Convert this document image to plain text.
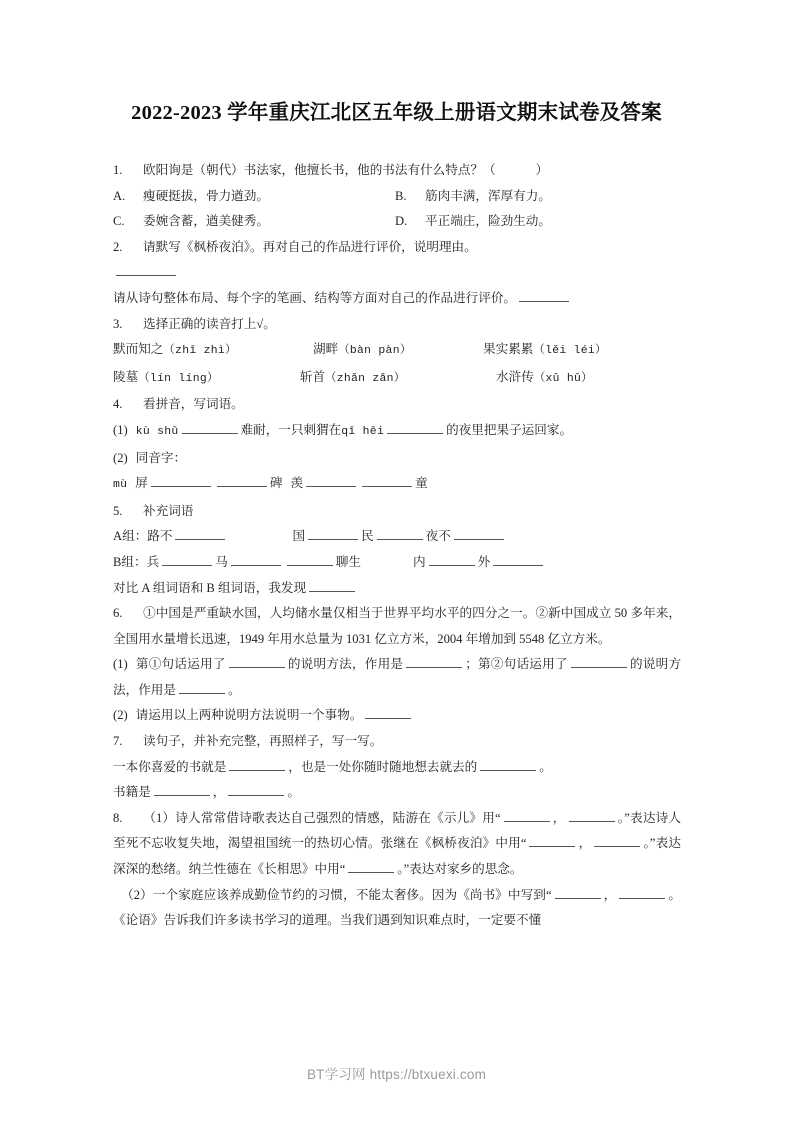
2022-2023 学年重庆江北区五年级上册语文期末试卷及答案
1. 欧阳询是（朝代）书法家，他擅长书，他的书法有什么特点？（	）
A. 瘦硬挺拔，骨力遒劲。	B. 筋肉丰满，浑厚有力。
C. 委婉含蓄，遒美健秀。	D. 平正端庄，险劲生动。
2. 请默写《枫桥夜泊》。再对自己的作品进行评价，说明理由。
请从诗句整体布局、每个字的笔画、结构等方面对自己的作品进行评价。
3. 选择正确的读音打上√。
默而知之（zhī zhì）	湖畔（bàn pàn）	果实累累（lěi léi）
陵墓（lín líng）	斩首（zhǎn zǎn）	水浒传（xǔ hǔ）
4. 看拼音，写词语。
(1) kù shǔ	难耐，一只刺猬在qī hēi	的夜里把果子运回家。
(2) 同音字：
mù 屏	碑 羡	童
5. 补充词语
A组：路不	国	民	夜不
B组：兵	马	聊生	内	外
对比 A 组词语和 B 组词语，我发现
6. ①中国是严重缺水国，人均储水量仅相当于世界平均水平的四分之一。②新中国成立 50 多年来，全国用水量增长迅速，1949 年用水总量为 1031 亿立方米，2004 年增加到 5548 亿立方米。
(1) 第①句话运用了	的说明方法，作用是	；第②句话运用了	的说明方法，作用是	。
(2) 请运用以上两种说明方法说明一个事物。
7. 读句子，并补充完整，再照样子，写一写。
一本你喜爱的书就是	，也是一处你随时随地想去就去的	。
书籍是	，	。
8. （1）诗人常常借诗歌表达自己强烈的情感，陆游在《示儿》用“	，	。”表达诗人至死不忘收复失地，渴望祖国统一的热切心情。张继在《枫桥夜泊》中用“	，	。”表达深深的愁绪。纳兰性德在《长相思》中用“	。”表达对家乡的思念。
（2）一个家庭应该养成勤俭节约的习惯，不能太奢侈。因为《尚书》中写到“	，	。《论语》告诉我们许多读书学习的道理。当我们遇到知识难点时，一定要不懂
BT学习网 https://btxuexi.com
